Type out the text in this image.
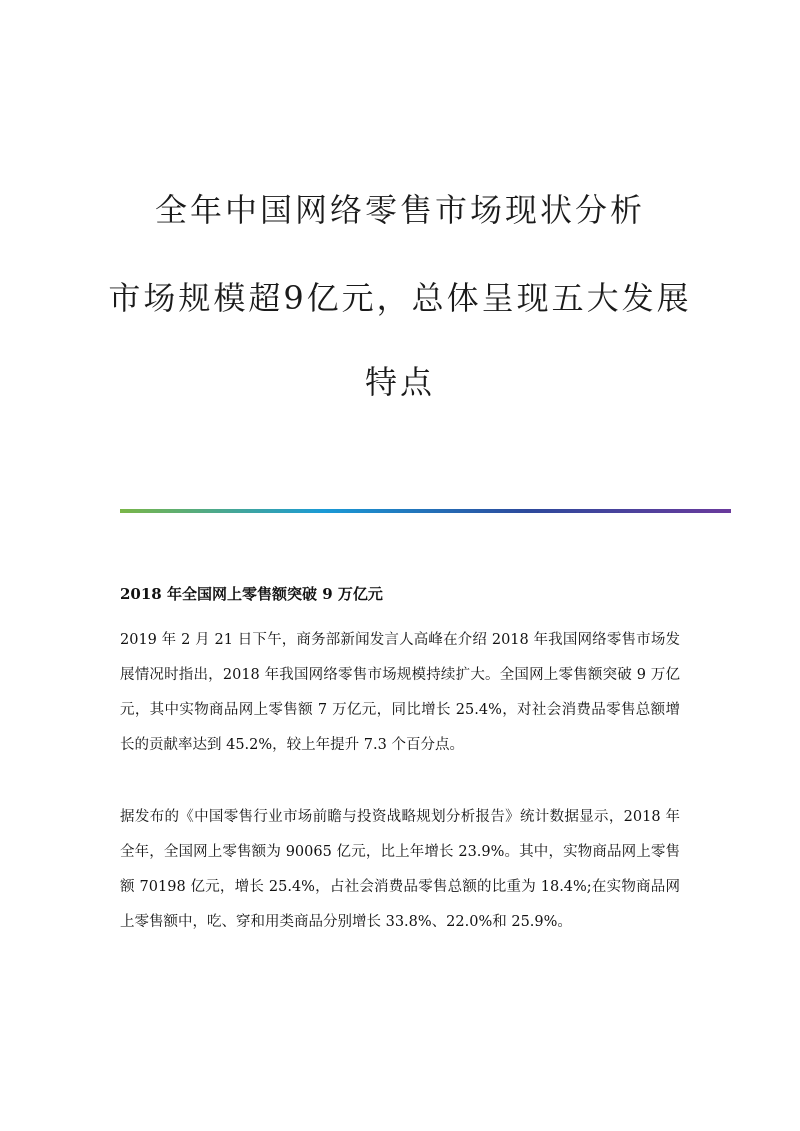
全年中国网络零售市场现状分析
市场规模超9亿元，总体呈现五大发展
特点
2018 年全国网上零售额突破 9 万亿元

2019 年 2 月 21 日下午，商务部新闻发言人高峰在介绍 2018 年我国网络零售市场发展情况时指出，2018 年我国网络零售市场规模持续扩大。全国网上零售额突破 9 万亿元，其中实物商品网上零售额 7 万亿元，同比增长 25.4%，对社会消费品零售总额增长的贡献率达到 45.2%，较上年提升 7.3 个百分点。

据发布的《中国零售行业市场前瞻与投资战略规划分析报告》统计数据显示，2018 年全年，全国网上零售额为 90065 亿元，比上年增长 23.9%。其中，实物商品网上零售额 70198 亿元，增长 25.4%，占社会消费品零售总额的比重为 18.4%;在实物商品网上零售额中，吃、穿和用类商品分别增长 33.8%、22.0%和 25.9%。
